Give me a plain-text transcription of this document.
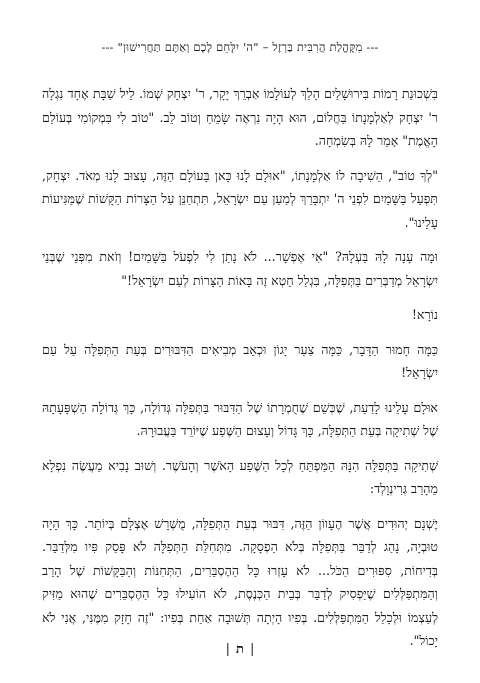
--- מִקֶּהֱלַת הֲרִבִּית בַּרְזֶל – "ה' יִלָּחֵם לָכֶם וְאַתֶּם תַּחֲרִישׁוּן" ---

בִּשְׁכוּנַת רָמוֹת בִּירוּשָׁלַיִם הָלַךְ לְעוֹלָמוֹ אַבְרֵךְ יָקָר, ר' יִצְחָק שְׁמוֹ. לֵיל שַׁבָּת אֶחָד נִגְלָה ר' יִצְחָק לְאַלְמָנָתוֹ בַּחֲלוֹם, הוּא הָיָה נִרְאֶה שָׂמֵחַ וְטוֹב לֵב. "טוֹב לִי בִּמְקוֹמִי בְּעוֹלַם הָאֱמֶת" אָמַר לָהּ בְּשִׂמְחָה.

"לְךָ טוֹב", הֵשִׁיבָה לוֹ אַלְמָנָתוֹ, "אוּלָם לָנוּ כָּאן בָּעוֹלָם הַזֶּה, עָצוּב לָנוּ מְאֹד. יִצְחָק, תִּפְעַל בַּשָּׁמַיִם לִפְנֵי ה' יִתְבָּרַךְ לְמַעַן עַם יִשְׂרָאֵל, תִּתְחַנֵּן עַל הַצָּרוֹת הַקָּשׁוֹת שֶׁמַּגִּיעוֹת עָלֵינוּ".

וּמָה עָנָה לָהּ בַּעְלָהּ? "אִי אֶפְשָׁר... לֹא נָתַן לִי לִפְעֹל בַּשָּׁמַיִם! וְזֹאת מִפְּנֵי שֶׁבְּנֵי יִשְׂרָאֵל מְדַבְּרִים בַּתְּפִלָּה, בִּגְלַל חֵטְא זֶה בָּאוֹת הַצָּרוֹת לְעַם יִשְׂרָאֵל!"

נוֹרָא!

כַּמָּה חָמוּר הַדָּבָר, כַּמָּה צַעַר יָגוֹן וּכְאֵב מְבִיאִים הַדִּבּוּרִים בְּעֵת הַתְּפִלָּה עַל עַם יִשְׂרָאֵל!

אוּלָם עָלֵינוּ לָדַעַת, שֶׁכְּשֵׁם שֶׁחֻמְרָתוֹ שֶׁל הַדִּבּוּר בַּתְּפִלָּה גְּדוֹלָה, כָּךְ גְּדוֹלָה הַשְׁפָּעָתָהּ שֶׁל שְׁתִיקָה בְּעֵת הַתְּפִלָּה, כָּךְ גָּדוֹל וְעָצוּם הַשֶּׁפַע שֶׁיּוֹרֵד בַּעֲבוּרָהּ.

שְׁתִיקָה בַּתְּפִלָּה הִנָּהּ הַמַּפְתֵּחַ לְכָל הַשֶּׁפַע הָאֹשֶׁר וְהָעֹשֶׁר. וְשׁוּב נָבִיא מַעֲשֶׂה נִפְלָא מֵהָרַב גְּרִינְוָלְד:

יֶשְׁנָם יְהוּדִים אֲשֶׁר הֶעָווֹן הַזֶּה, דִּבּוּר בְּעֵת הַתְּפִלָּה, מֻשְׁרָשׁ אֶצְלָם בְּיוֹתֵר. כָּךְ הָיָה טוּבְיָה, נָהַג לְדַבֵּר בַּתְּפִלָּה בְּלֹא הַפְסָקָה. מִתְּחִלַּת הַתְּפִלָּה לֹא פָּסַק פִּיו מִלְּדַבֵּר. בְּדִיחוֹת, סִפּוּרִים הַכֹּל... לֹא עָזְרוּ כָּל הַהֶסְבֵּרִים, הַתְּחִנּוֹת וְהַבַּקָּשׁוֹת שֶׁל הָרַב וְהַמִּתְפַּלְּלִים שֶׁיַּפְסִיק לְדַבֵּר בְּבֵית הַכְּנֶסֶת, לֹא הוֹעִילוּ כָּל הַהֶסְבֵּרִים שֶׁהוּא מַזִּיק לְעַצְמוֹ וּלְכָלַל הַמִּתְפַּלְּלִים. בְּפִיו הָיְתָה תְּשׁוּבָה אַחַת בְּפִיו: "זֶה חָזָק מִמֶּנִּי, אֲנִי לֹא יָכוֹל".

|ת|
